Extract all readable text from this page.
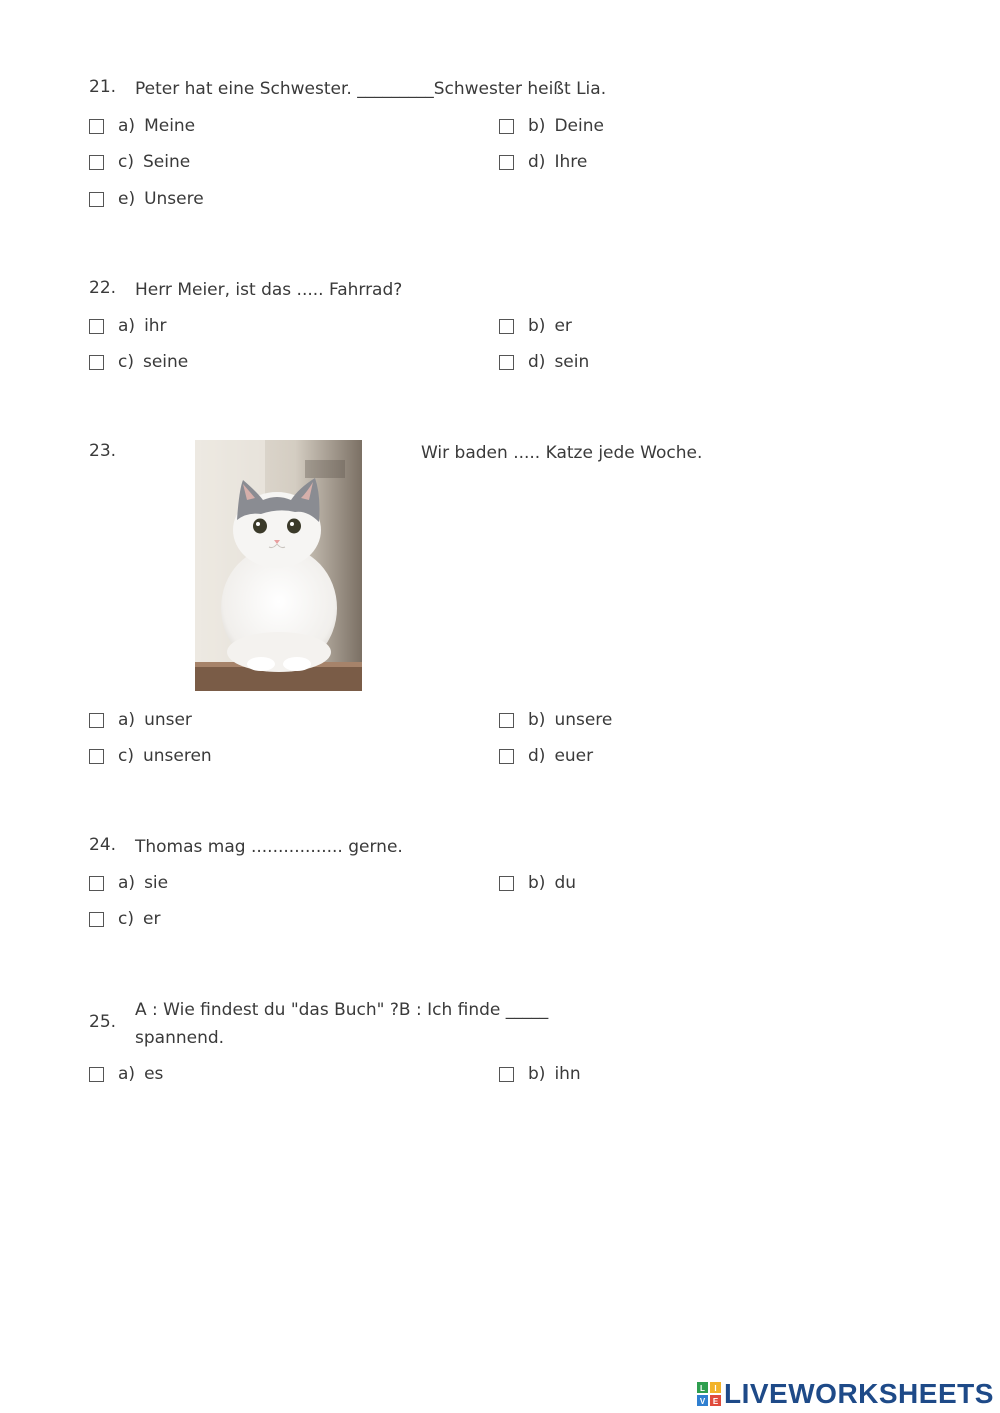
21. Peter hat eine Schwester. _________Schwester heißt Lia.
a) Meine	b) Deine
c) Seine	d) Ihre
e) Unsere
22. Herr Meier, ist das ..... Fahrrad?
a) ihr	b) er
c) seine	d) sein
23.	Wir baden ..... Katze jede Woche.
a) unser	b) unsere
c) unseren	d) euer
24. Thomas mag ................. gerne.
a) sie	b) du
c) er
25.
A : Wie findest du "das Buch" ?B : Ich finde _____
spannend.
a) es	b) ihn
L I
V E LIVEWORKSHEETS
